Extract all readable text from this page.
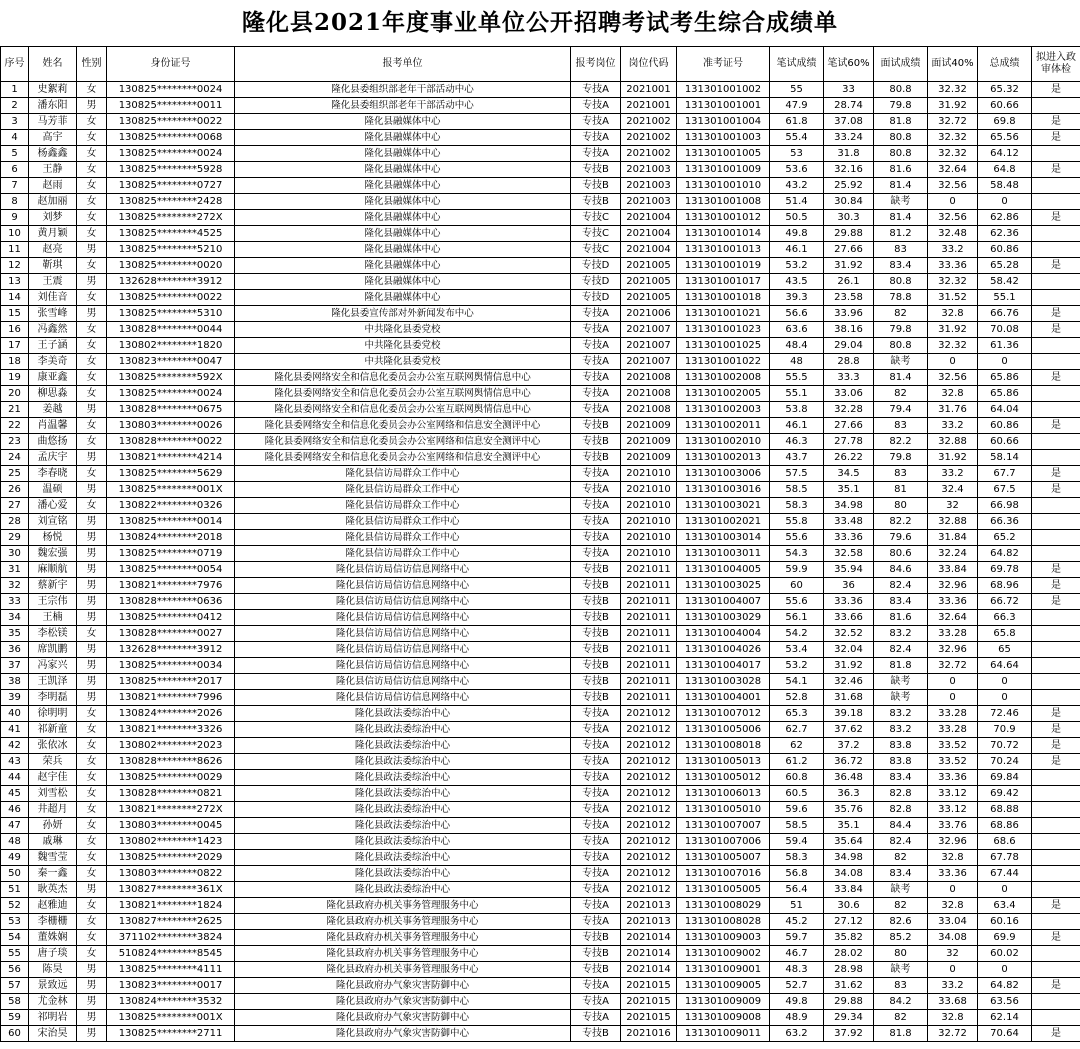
隆化县2021年度事业单位公开招聘考试考生综合成绩单
序号	姓名	性别	身份证号	报考单位	报考岗位	岗位代码	准考证号	笔试成绩	笔试60%	面试成绩	面试40%	总成绩	拟进入政审体检
1	史絮莉	女	130825********0024	隆化县委组织部老年干部活动中心	专技A	2021001	131301001002	55	33	80.8	32.32	65.32	是
2	潘东阳	男	130825********0011	隆化县委组织部老年干部活动中心	专技A	2021001	131301001001	47.9	28.74	79.8	31.92	60.66	
3	马芳菲	女	130825********0022	隆化县融媒体中心	专技A	2021002	131301001004	61.8	37.08	81.8	32.72	69.8	是
4	高宇	女	130825********0068	隆化县融媒体中心	专技A	2021002	131301001003	55.4	33.24	80.8	32.32	65.56	是
5	杨鑫鑫	女	130825********0024	隆化县融媒体中心	专技A	2021002	131301001005	53	31.8	80.8	32.32	64.12	
6	王静	女	130825********5928	隆化县融媒体中心	专技B	2021003	131301001009	53.6	32.16	81.6	32.64	64.8	是
7	赵雨	女	130825********0727	隆化县融媒体中心	专技B	2021003	131301001010	43.2	25.92	81.4	32.56	58.48	
8	赵加丽	女	130825********2428	隆化县融媒体中心	专技B	2021003	131301001008	51.4	30.84	缺考	0	0	
9	刘梦	女	130825********272X	隆化县融媒体中心	专技C	2021004	131301001012	50.5	30.3	81.4	32.56	62.86	是
10	黄月颖	女	130825********4525	隆化县融媒体中心	专技C	2021004	131301001014	49.8	29.88	81.2	32.48	62.36	
11	赵亮	男	130825********5210	隆化县融媒体中心	专技C	2021004	131301001013	46.1	27.66	83	33.2	60.86	
12	靳琪	女	130825********0020	隆化县融媒体中心	专技D	2021005	131301001019	53.2	31.92	83.4	33.36	65.28	是
13	王震	男	132628********3912	隆化县融媒体中心	专技D	2021005	131301001017	43.5	26.1	80.8	32.32	58.42	
14	刘佳音	女	130825********0022	隆化县融媒体中心	专技D	2021005	131301001018	39.3	23.58	78.8	31.52	55.1	
15	张雪峰	男	130825********5310	隆化县委宣传部对外新闻发布中心	专技A	2021006	131301001021	56.6	33.96	82	32.8	66.76	是
16	冯鑫然	女	130828********0044	中共隆化县委党校	专技A	2021007	131301001023	63.6	38.16	79.8	31.92	70.08	是
17	王子涵	女	130802********1820	中共隆化县委党校	专技A	2021007	131301001025	48.4	29.04	80.8	32.32	61.36	
18	李美奇	女	130823********0047	中共隆化县委党校	专技A	2021007	131301001022	48	28.8	缺考	0	0	
19	康亚鑫	女	130825********592X	隆化县委网络安全和信息化委员会办公室互联网舆情信息中心	专技A	2021008	131301002008	55.5	33.3	81.4	32.56	65.86	是
20	柳思淼	女	130825********0024	隆化县委网络安全和信息化委员会办公室互联网舆情信息中心	专技A	2021008	131301002005	55.1	33.06	82	32.8	65.86	
21	姜越	男	130828********0675	隆化县委网络安全和信息化委员会办公室互联网舆情信息中心	专技A	2021008	131301002003	53.8	32.28	79.4	31.76	64.04	
22	肖温馨	女	130803********0026	隆化县委网络安全和信息化委员会办公室网络和信息安全测评中心	专技B	2021009	131301002011	46.1	27.66	83	33.2	60.86	是
23	曲悠扬	女	130828********0022	隆化县委网络安全和信息化委员会办公室网络和信息安全测评中心	专技B	2021009	131301002010	46.3	27.78	82.2	32.88	60.66	
24	孟庆宇	男	130821********4214	隆化县委网络安全和信息化委员会办公室网络和信息安全测评中心	专技B	2021009	131301002013	43.7	26.22	79.8	31.92	58.14	
25	李春晓	女	130825********5629	隆化县信访局群众工作中心	专技A	2021010	131301003006	57.5	34.5	83	33.2	67.7	是
26	温硕	男	130825********001X	隆化县信访局群众工作中心	专技A	2021010	131301003016	58.5	35.1	81	32.4	67.5	是
27	潘心爱	女	130822********0326	隆化县信访局群众工作中心	专技A	2021010	131301003021	58.3	34.98	80	32	66.98	
28	刘宣铭	男	130825********0014	隆化县信访局群众工作中心	专技A	2021010	131301002021	55.8	33.48	82.2	32.88	66.36	
29	杨悦	男	130824********2018	隆化县信访局群众工作中心	专技A	2021010	131301003014	55.6	33.36	79.6	31.84	65.2	
30	魏宏强	男	130825********0719	隆化县信访局群众工作中心	专技A	2021010	131301003011	54.3	32.58	80.6	32.24	64.82	
31	麻顺航	男	130825********0054	隆化县信访局信访信息网络中心	专技B	2021011	131301004005	59.9	35.94	84.6	33.84	69.78	是
32	蔡新宇	男	130821********7976	隆化县信访局信访信息网络中心	专技B	2021011	131301003025	60	36	82.4	32.96	68.96	是
33	王宗伟	男	130828********0636	隆化县信访局信访信息网络中心	专技B	2021011	131301004007	55.6	33.36	83.4	33.36	66.72	是
34	王楠	男	130825********0412	隆化县信访局信访信息网络中心	专技B	2021011	131301003029	56.1	33.66	81.6	32.64	66.3	
35	李松镁	女	130828********0027	隆化县信访局信访信息网络中心	专技B	2021011	131301004004	54.2	32.52	83.2	33.28	65.8	
36	席凯鹏	男	132628********3912	隆化县信访局信访信息网络中心	专技B	2021011	131301004026	53.4	32.04	82.4	32.96	65	
37	冯家兴	男	130825********0034	隆化县信访局信访信息网络中心	专技B	2021011	131301004017	53.2	31.92	81.8	32.72	64.64	
38	王凯泽	男	130825********2017	隆化县信访局信访信息网络中心	专技B	2021011	131301003028	54.1	32.46	缺考	0	0	
39	李明磊	男	130821********7996	隆化县信访局信访信息网络中心	专技B	2021011	131301004001	52.8	31.68	缺考	0	0	
40	徐明明	女	130824********2026	隆化县政法委综治中心	专技A	2021012	131301007012	65.3	39.18	83.2	33.28	72.46	是
41	祁新童	女	130821********3326	隆化县政法委综治中心	专技A	2021012	131301005006	62.7	37.62	83.2	33.28	70.9	是
42	张依冰	女	130802********2023	隆化县政法委综治中心	专技A	2021012	131301008018	62	37.2	83.8	33.52	70.72	是
43	荣兵	女	130828********8626	隆化县政法委综治中心	专技A	2021012	131301005013	61.2	36.72	83.8	33.52	70.24	是
44	赵宇佳	女	130825********0029	隆化县政法委综治中心	专技A	2021012	131301005012	60.8	36.48	83.4	33.36	69.84	
45	刘雪松	女	130828********0821	隆化县政法委综治中心	专技A	2021012	131301006013	60.5	36.3	82.8	33.12	69.42	
46	井超月	女	130821********272X	隆化县政法委综治中心	专技A	2021012	131301005010	59.6	35.76	82.8	33.12	68.88	
47	孙妍	女	130803********0045	隆化县政法委综治中心	专技A	2021012	131301007007	58.5	35.1	84.4	33.76	68.86	
48	戚琳	女	130802********1423	隆化县政法委综治中心	专技A	2021012	131301007006	59.4	35.64	82.4	32.96	68.6	
49	魏雪莹	女	130825********2029	隆化县政法委综治中心	专技A	2021012	131301005007	58.3	34.98	82	32.8	67.78	
50	秦一鑫	女	130803********0822	隆化县政法委综治中心	专技A	2021012	131301007016	56.8	34.08	83.4	33.36	67.44	
51	耿英杰	男	130827********361X	隆化县政法委综治中心	专技A	2021012	131301005005	56.4	33.84	缺考	0	0	
52	赵雅迪	女	130821********1824	隆化县政府办机关事务管理服务中心	专技A	2021013	131301008029	51	30.6	82	32.8	63.4	是
53	李栅栅	女	130827********2625	隆化县政府办机关事务管理服务中心	专技A	2021013	131301008028	45.2	27.12	82.6	33.04	60.16	
54	董姝娴	女	371102********3824	隆化县政府办机关事务管理服务中心	专技B	2021014	131301009003	59.7	35.82	85.2	34.08	69.9	是
55	唐子琰	女	510824********8545	隆化县政府办机关事务管理服务中心	专技B	2021014	131301009002	46.7	28.02	80	32	60.02	
56	陈昊	男	130825********4111	隆化县政府办机关事务管理服务中心	专技B	2021014	131301009001	48.3	28.98	缺考	0	0	
57	景致远	男	130823********0017	隆化县政府办气象灾害防御中心	专技A	2021015	131301009005	52.7	31.62	83	33.2	64.82	是
58	尤金林	男	130824********3532	隆化县政府办气象灾害防御中心	专技A	2021015	131301009009	49.8	29.88	84.2	33.68	63.56	
59	祁明岩	男	130825********001X	隆化县政府办气象灾害防御中心	专技A	2021015	131301009008	48.9	29.34	82	32.8	62.14	
60	宋治昊	男	130825********2711	隆化县政府办气象灾害防御中心	专技B	2021016	131301009011	63.2	37.92	81.8	32.72	70.64	是
